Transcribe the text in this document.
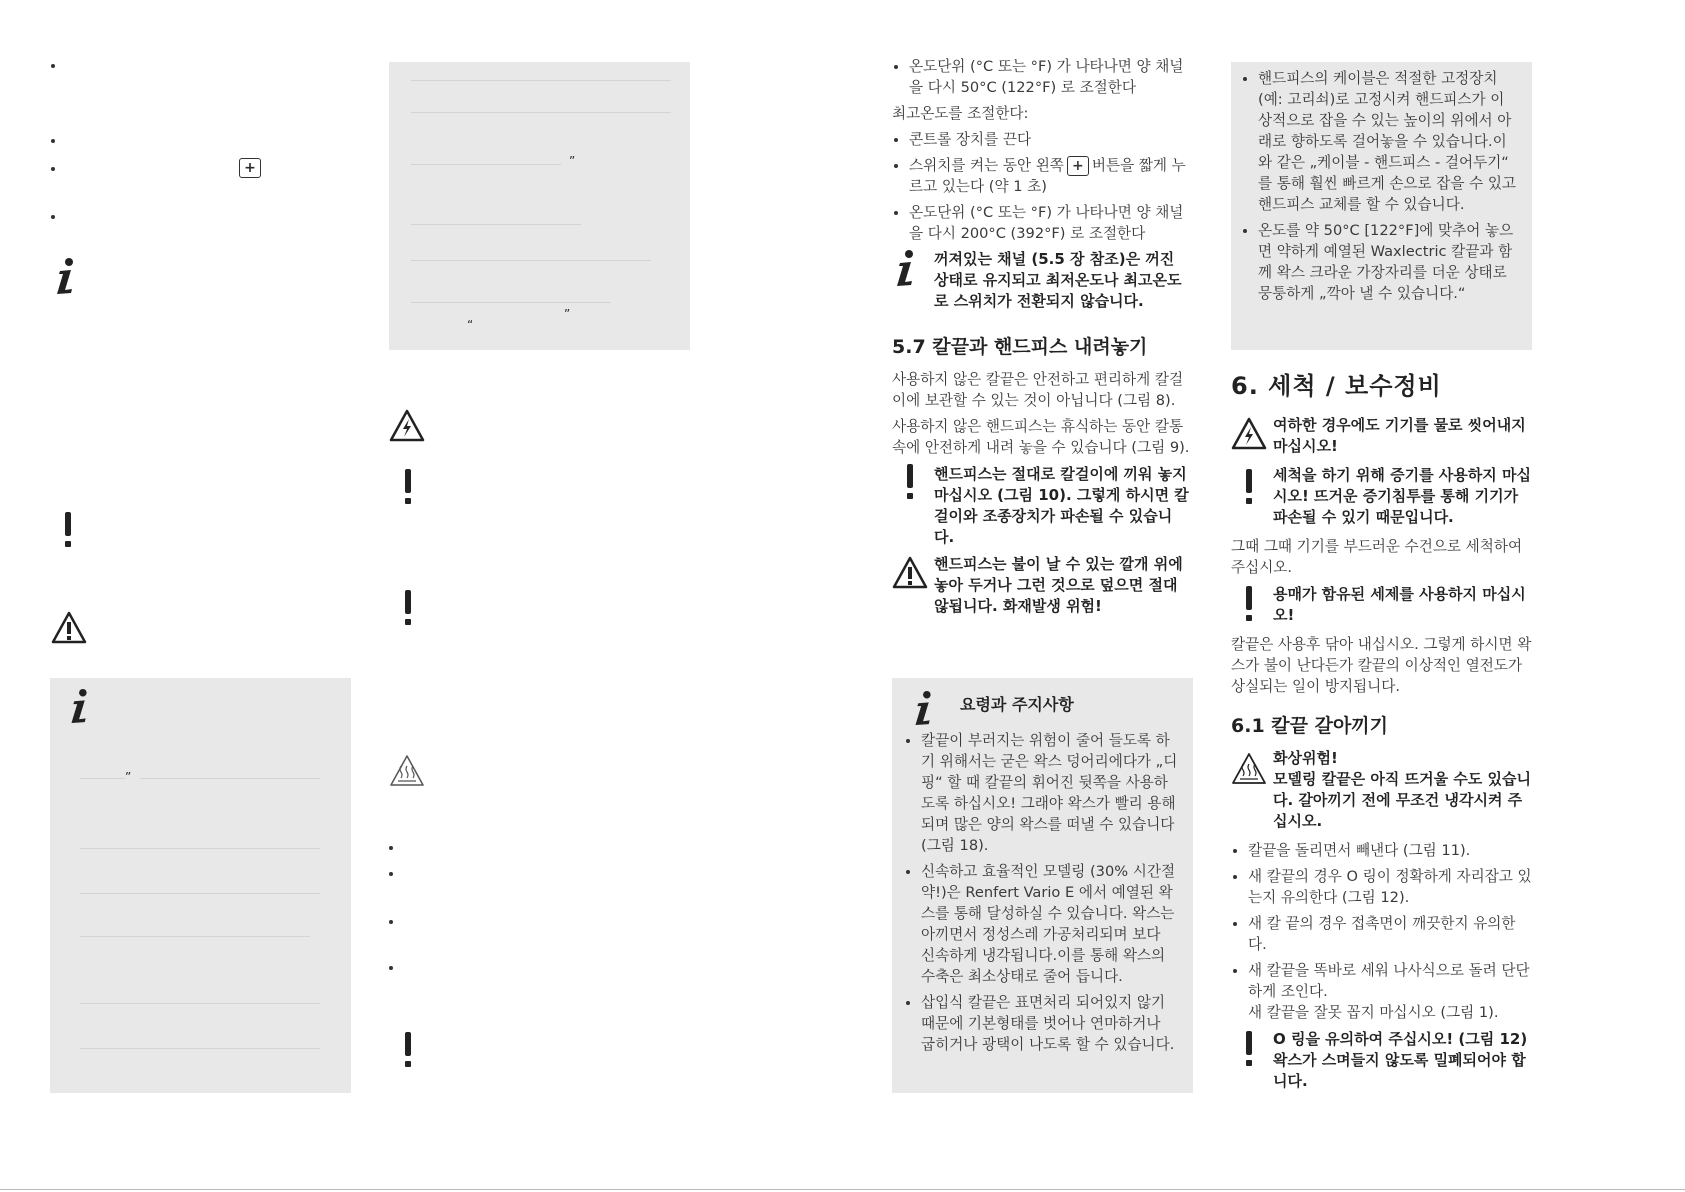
+
”
”
“
”
온도단위 (°C 또는 °F) 가 나타나면 양 채널을 다시 50°C (122°F) 로 조절한다

최고온도를 조절한다:

콘트롤 장치를 끈다
스위치를 켜는 동안 왼쪽 + 버튼을 짧게 누르고 있는다 (약 1 초)
온도단위 (°C 또는 °F) 가 나타나면 양 채널을 다시 200°C (392°F) 로 조절한다

꺼져있는 채널 (5.5 장 참조)은 꺼진 상태로 유지되고 최저온도나 최고온도로 스위치가 전환되지 않습니다.

5.7 칼끝과 핸드피스 내려놓기

사용하지 않은 칼끝은 안전하고 편리하게 칼걸이에 보관할 수 있는 것이 아닙니다 (그림 8).

사용하지 않은 핸드피스는 휴식하는 동안 칼통 속에 안전하게 내려 놓을 수 있습니다 (그림 9).

핸드피스는 절대로 칼걸이에 끼워 놓지 마십시오 (그림 10). 그렇게 하시면 칼걸이와 조종장치가 파손될 수 있습니다.

핸드피스는 불이 날 수 있는 깔개 위에 놓아 두거나 그런 것으로 덮으면 절대 않됩니다. 화재발생 위험!

요령과 주지사항
칼끝이 부러지는 위험이 줄어 들도록 하기 위해서는 굳은 왁스 덩어리에다가 „디핑“ 할 때 칼끝의 휘어진 뒷쪽을 사용하도록 하십시오! 그래야 왁스가 빨리 용해되며 많은 양의 왁스를 떠낼 수 있습니다 (그림 18).
신속하고 효율적인 모델링 (30% 시간절약!)은 Renfert Vario E 에서 예열된 왁스를 통해 달성하실 수 있습니다. 왁스는 아끼면서 정성스레 가공처리되며 보다 신속하게 냉각됩니다.이를 통해 왁스의 수축은 최소상태로 줄어 듭니다.
삽입식 칼끝은 표면처리 되어있지 않기 때문에 기본형태를 벗어나 연마하거나 굽히거나 광택이 나도록 할 수 있습니다.
핸드피스의 케이블은 적절한 고정장치 (예: 고리쇠)로 고정시켜 핸드피스가 이상적으로 잡을 수 있는 높이의 위에서 아래로 향하도록 걸어놓을 수 있습니다.이와 같은 „케이블 - 핸드피스 - 걸어두기“ 를 통해 훨씬 빠르게 손으로 잡을 수 있고 핸드피스 교체를 할 수 있습니다.
온도를 약 50°C [122°F]에 맞추어 놓으면 약하게 예열된 Waxlectric 칼끝과 함께 왁스 크라운 가장자리를 더운 상태로 뭉퉁하게 „깍아 낼 수 있습니다.“

6. 세척 / 보수정비

여하한 경우에도 기기를 물로 씻어내지 마십시오!

세척을 하기 위해 증기를 사용하지 마십시오! 뜨거운 증기침투를 통해 기기가 파손될 수 있기 때문입니다.

그때 그때 기기를 부드러운 수건으로 세척하여 주십시오.

용매가 함유된 세제를 사용하지 마십시오!

칼끝은 사용후 닦아 내십시오. 그렇게 하시면 왁스가 불이 난다든가 칼끝의 이상적인 열전도가 상실되는 일이 방지됩니다.

6.1 칼끝 갈아끼기

화상위험!

모델링 칼끝은 아직 뜨거울 수도 있습니다. 갈아끼기 전에 무조건 냉각시켜 주십시오.

칼끝을 돌리면서 빼낸다 (그림 11).
새 칼끝의 경우 O 링이 정확하게 자리잡고 있는지 유의한다 (그림 12).
새 칼 끝의 경우 접촉면이 깨끗한지 유의한다.
새 칼끝을 똑바로 세워 나사식으로 돌려 단단하게 조인다.

새 칼끝을 잘못 꼽지 마십시오 (그림 1).

O 링을 유의하여 주십시오! (그림 12) 왁스가 스며들지 않도록 밀폐되어야 합니다.
